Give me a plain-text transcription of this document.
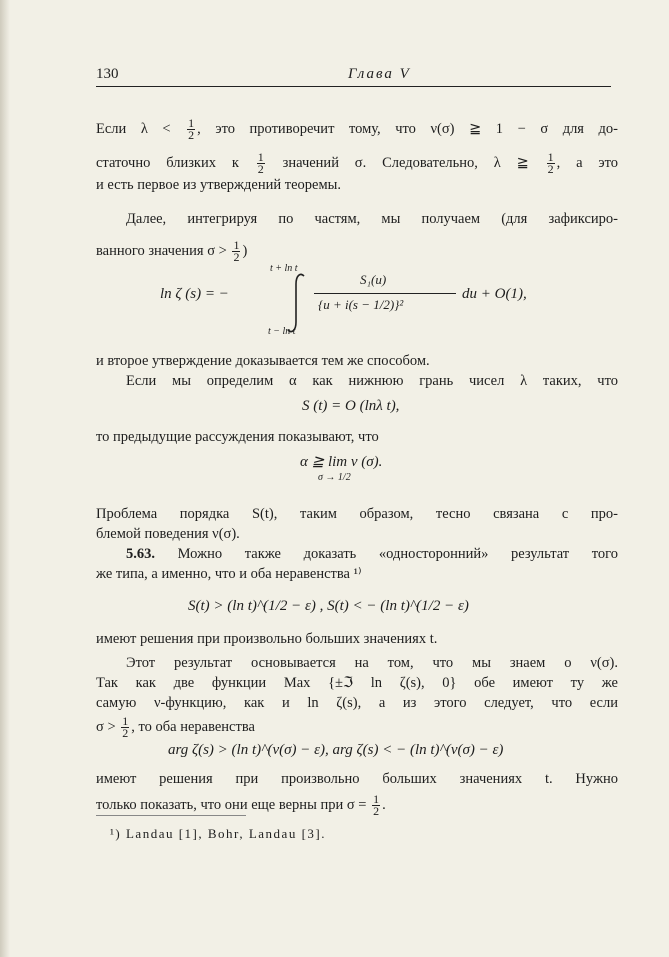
130	Глава V
Если $\lambda < \frac{1}{2}$ , это противоречит тому, что ν(σ) ≧ 1 − σ для до-
статочно близких к $\frac{1}{2}$ значений σ. Следовательно, λ ≧ $\frac{1}{2}$ , а это
и есть первое из утверждений теоремы.
Далее, интегрируя по частям, мы получаем (для зафиксиро-
ванного значения $\sigma > \frac{1}{2}$ )
t + ln t
ln ζ (s) = −
t − ln t
S₁(u)
{u + i(s − 1/2)}²
du + O(1),
и второе утверждение доказывается тем же способом.
Если мы определим α как нижнюю грань чисел λ таких, что
S (t) = O (lnλ t),
то предыдущие рассуждения показывают, что
α ≧ lim ν (σ).
σ → 1/2
Проблема порядка S(t), таким образом, тесно связана с про-
блемой поведения ν(σ).
5.63. Можно также доказать «односторонний» результат того
же типа, а именно, что и оба неравенства ¹⁾
S(t) > (ln t)^(1/2 − ε) , S(t) < − (ln t)^(1/2 − ε)
имеют решения при произвольно больших значениях t.
Этот результат основывается на том, что мы знаем о ν(σ).
Так как две функции Max {±ℑ ln ζ(s), 0} обе имеют ту же
самую ν-функцию, как и ln ζ(s), а из этого следует, что если
$\sigma > \frac{1}{2}$ , то оба неравенства
arg ζ(s) > (ln t)^(ν(σ) − ε), arg ζ(s) < − (ln t)^(ν(σ) − ε)
имеют решения при произвольно больших значениях t. Нужно
только показать, что они еще верны при $\sigma = \frac{1}{2}$ .
¹) Landau [1], Bohr, Landau [3].
